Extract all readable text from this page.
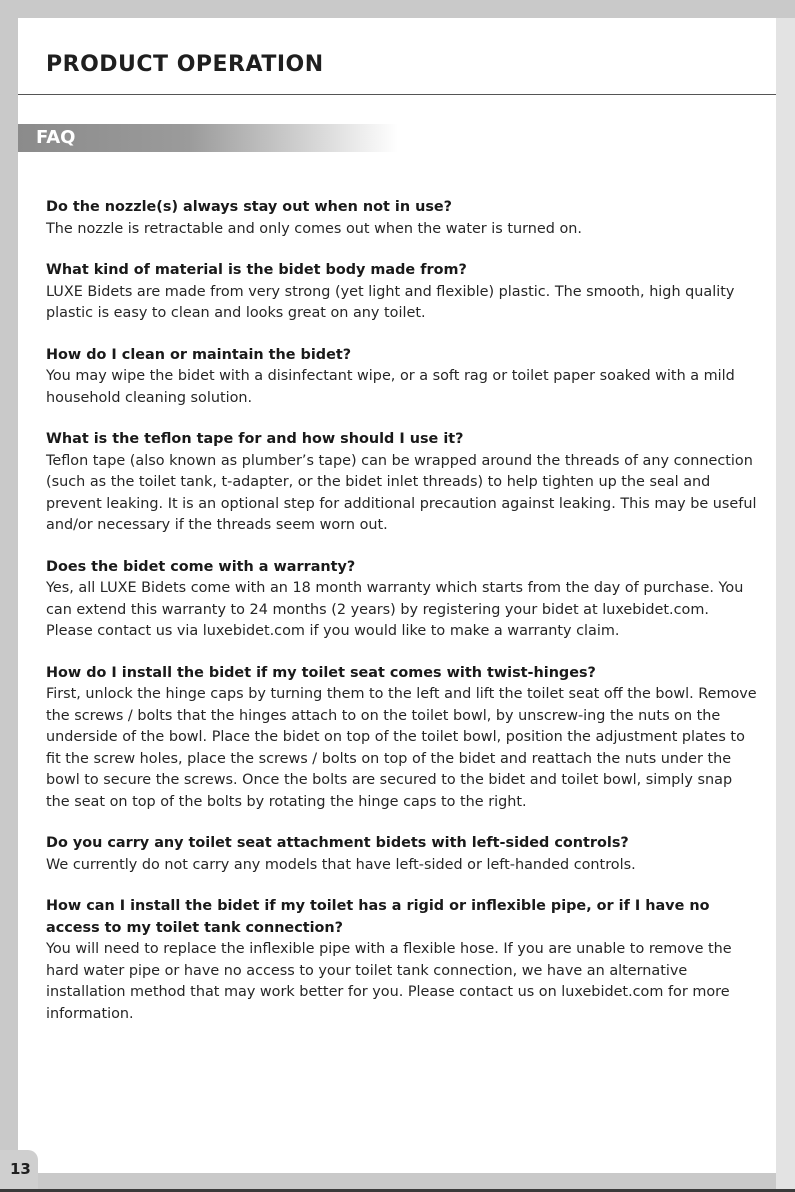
PRODUCT OPERATION
FAQ

Do the nozzle(s) always stay out when not in use?

The nozzle is retractable and only comes out when the water is turned on.

What kind of material is the bidet body made from?

LUXE Bidets are made from very strong (yet light and flexible) plastic. The smooth, high quality plastic is easy to clean and looks great on any toilet.

How do I clean or maintain the bidet?

You may wipe the bidet with a disinfectant wipe, or a soft rag or toilet paper soaked with a mild household cleaning solution.

What is the teflon tape for and how should I use it?

Teflon tape (also known as plumber’s tape) can be wrapped around the threads of any connection (such as the toilet tank, t-adapter, or the bidet inlet threads) to help tighten up the seal and prevent leaking. It is an optional step for additional precaution against leaking. This may be useful and/or necessary if the threads seem worn out.

Does the bidet come with a warranty?

Yes, all LUXE Bidets come with an 18 month warranty which starts from the day of purchase. You can extend this warranty to 24 months (2 years) by registering your bidet at luxebidet.com. Please contact us via luxebidet.com if you would like to make a warranty claim.

How do I install the bidet if my toilet seat comes with twist-hinges?

First, unlock the hinge caps by turning them to the left and lift the toilet seat off the bowl. Remove the screws / bolts that the hinges attach to on the toilet bowl, by unscrew-ing the nuts on the underside of the bowl. Place the bidet on top of the toilet bowl, position the adjustment plates to fit the screw holes, place the screws / bolts on top of the bidet and reattach the nuts under the bowl to secure the screws. Once the bolts are secured to the bidet and toilet bowl, simply snap the seat on top of the bolts by rotating the hinge caps to the right.

Do you carry any toilet seat attachment bidets with left-sided controls?

We currently do not carry any models that have left-sided or left-handed controls.

How can I install the bidet if my toilet has a rigid or inflexible pipe, or if I have no access to my toilet tank connection?

You will need to replace the inflexible pipe with a flexible hose. If you are unable to remove the hard water pipe or have no access to your toilet tank connection, we have an alternative installation method that may work better for you. Please contact us on luxebidet.com for more information.

13
